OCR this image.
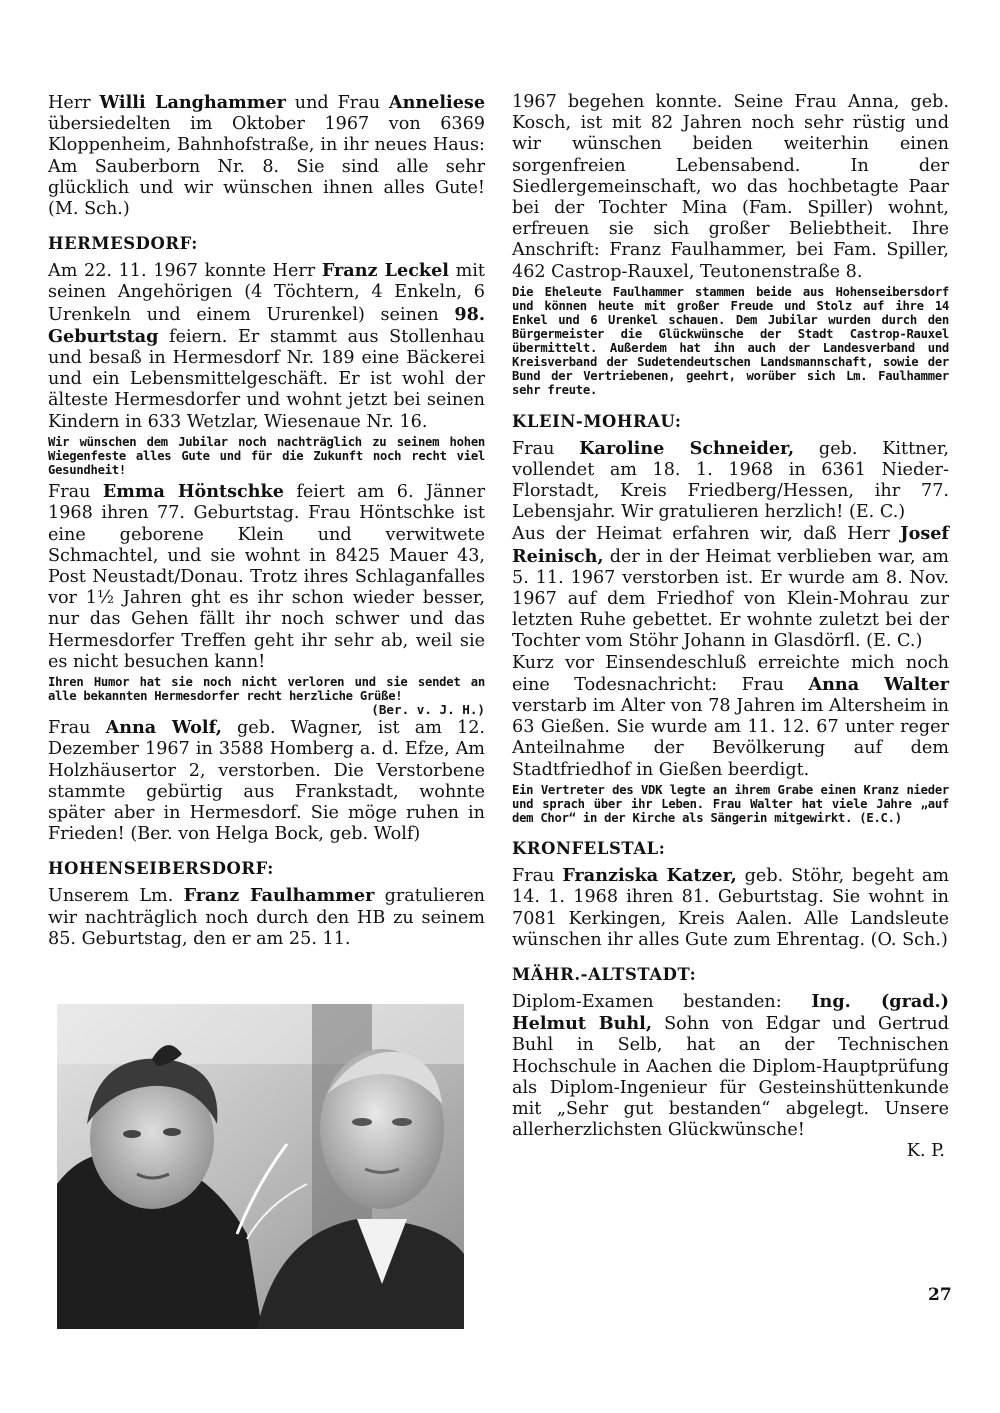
Herr Willi Langhammer und Frau Anneliese übersiedelten im Oktober 1967 von 6369 Kloppenheim, Bahnhofstraße, in ihr neues Haus: Am Sauberborn Nr. 8. Sie sind alle sehr glücklich und wir wünschen ihnen alles Gute! (M. Sch.)

HERMESDORF:

Am 22. 11. 1967 konnte Herr Franz Leckel mit seinen Angehörigen (4 Töchtern, 4 Enkeln, 6 Urenkeln und einem Ururenkel) seinen 98. Geburtstag feiern. Er stammt aus Stollenhau und besaß in Hermesdorf Nr. 189 eine Bäckerei und ein Lebensmittelgeschäft. Er ist wohl der älteste Hermesdorfer und wohnt jetzt bei seinen Kindern in 633 Wetzlar, Wiesenaue Nr. 16.

Wir wünschen dem Jubilar noch nachträglich zu seinem hohen Wiegenfeste alles Gute und für die Zukunft noch recht viel Gesundheit!

Frau Emma Höntschke feiert am 6. Jänner 1968 ihren 77. Geburtstag. Frau Höntschke ist eine geborene Klein und verwitwete Schmachtel, und sie wohnt in 8425 Mauer 43, Post Neustadt/Donau. Trotz ihres Schlaganfalles vor 1½ Jahren ght es ihr schon wieder besser, nur das Gehen fällt ihr noch schwer und das Hermesdorfer Treffen geht ihr sehr ab, weil sie es nicht besuchen kann!

Ihren Humor hat sie noch nicht verloren und sie sendet an alle bekannten Hermesdorfer recht herzliche Grüße!

(Ber. v. J. H.)

Frau Anna Wolf, geb. Wagner, ist am 12. Dezember 1967 in 3588 Homberg a. d. Efze, Am Holzhäusertor 2, verstorben. Die Verstorbene stammte gebürtig aus Frankstadt, wohnte später aber in Hermesdorf. Sie möge ruhen in Frieden! (Ber. von Helga Bock, geb. Wolf)

HOHENSEIBERSDORF:

Unserem Lm. Franz Faulhammer gratulieren wir nachträglich noch durch den HB zu seinem 85. Geburtstag, den er am 25. 11.

1967 begehen konnte. Seine Frau Anna, geb. Kosch, ist mit 82 Jahren noch sehr rüstig und wir wünschen beiden weiterhin einen sorgenfreien Lebensabend. In der Siedlergemeinschaft, wo das hochbetagte Paar bei der Tochter Mina (Fam. Spiller) wohnt, erfreuen sie sich großer Beliebtheit. Ihre Anschrift: Franz Faulhammer, bei Fam. Spiller, 462 Castrop-Rauxel, Teutonenstraße 8.

Die Eheleute Faulhammer stammen beide aus Hohenseibersdorf und können heute mit großer Freude und Stolz auf ihre 14 Enkel und 6 Urenkel schauen. Dem Jubilar wurden durch den Bürgermeister die Glückwünsche der Stadt Castrop-Rauxel übermittelt. Außerdem hat ihn auch der Landesverband und Kreisverband der Sudetendeutschen Landsmannschaft, sowie der Bund der Vertriebenen, geehrt, worüber sich Lm. Faulhammer sehr freute.

KLEIN-MOHRAU:

Frau Karoline Schneider, geb. Kittner, vollendet am 18. 1. 1968 in 6361 Nieder-Florstadt, Kreis Friedberg/Hessen, ihr 77. Lebensjahr. Wir gratulieren herzlich! (E. C.)

Aus der Heimat erfahren wir, daß Herr Josef Reinisch, der in der Heimat verblieben war, am 5. 11. 1967 verstorben ist. Er wurde am 8. Nov. 1967 auf dem Friedhof von Klein-Mohrau zur letzten Ruhe gebettet. Er wohnte zuletzt bei der Tochter vom Stöhr Johann in Glasdörfl. (E. C.)

Kurz vor Einsendeschluß erreichte mich noch eine Todesnachricht: Frau Anna Walter verstarb im Alter von 78 Jahren im Altersheim in 63 Gießen. Sie wurde am 11. 12. 67 unter reger Anteilnahme der Bevölkerung auf dem Stadtfriedhof in Gießen beerdigt.

Ein Vertreter des VDK legte an ihrem Grabe einen Kranz nieder und sprach über ihr Leben. Frau Walter hat viele Jahre „auf dem Chor“ in der Kirche als Sängerin mitgewirkt. (E.C.)

KRONFELSTAL:

Frau Franziska Katzer, geb. Stöhr, begeht am 14. 1. 1968 ihren 81. Geburtstag. Sie wohnt in 7081 Kerkingen, Kreis Aalen. Alle Landsleute wünschen ihr alles Gute zum Ehrentag. (O. Sch.)

MÄHR.-ALTSTADT:

Diplom-Examen bestanden: Ing. (grad.) Helmut Buhl, Sohn von Edgar und Gertrud Buhl in Selb, hat an der Technischen Hochschule in Aachen die Diplom-Hauptprüfung als Diplom-Ingenieur für Gesteinshüttenkunde mit „Sehr gut bestanden“ abgelegt. Unsere allerherzlichsten Glückwünsche!

K. P.

27
